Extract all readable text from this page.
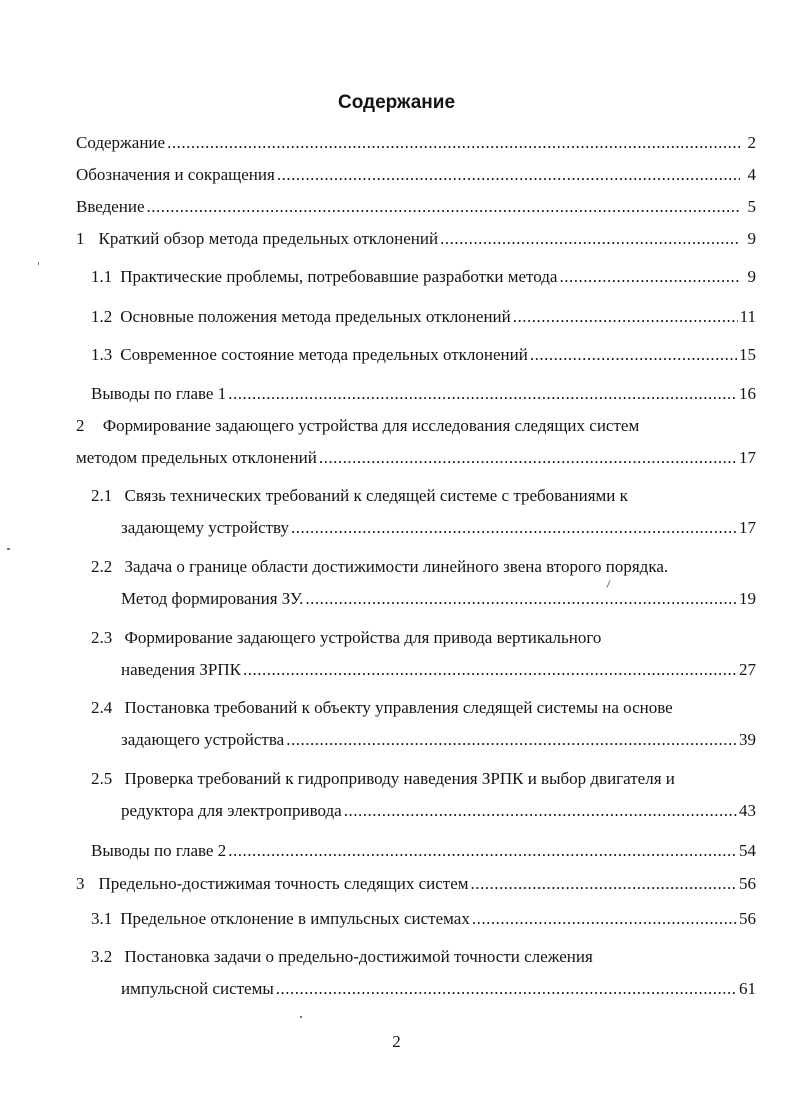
Содержание
Содержание .....	2
Обозначения и сокращения .....	4
Введение .....	5
1 Краткий обзор метода предельных отклонений .....	9
1.1 Практические проблемы, потребовавшие разработки метода .....	9
1.2 Основные положения метода предельных отклонений .....	11
1.3 Современное состояние метода предельных отклонений .....	15
Выводы по главе 1 .....	16
2 Формирование задающего устройства для исследования следящих систем
методом предельных отклонений .....	17
2.1 Связь технических требований к следящей системе с требованиями к
задающему устройству .....	17
2.2 Задача о границе области достижимости линейного звена второго порядка.
Метод формирования ЗУ. .....	19
2.3 Формирование задающего устройства для привода вертикального
наведения ЗРПК .....	27
2.4 Постановка требований к объекту управления следящей системы на основе
задающего устройства .....	39
2.5 Проверка требований к гидроприводу наведения ЗРПК и выбор двигателя и
редуктора для электропривода .....	43
Выводы по главе 2 .....	54
3 Предельно-достижимая точность следящих систем .....	56
3.1 Предельное отклонение в импульсных системах .....	56
3.2 Постановка задачи о предельно-достижимой точности слежения
импульсной системы .....	61
2
